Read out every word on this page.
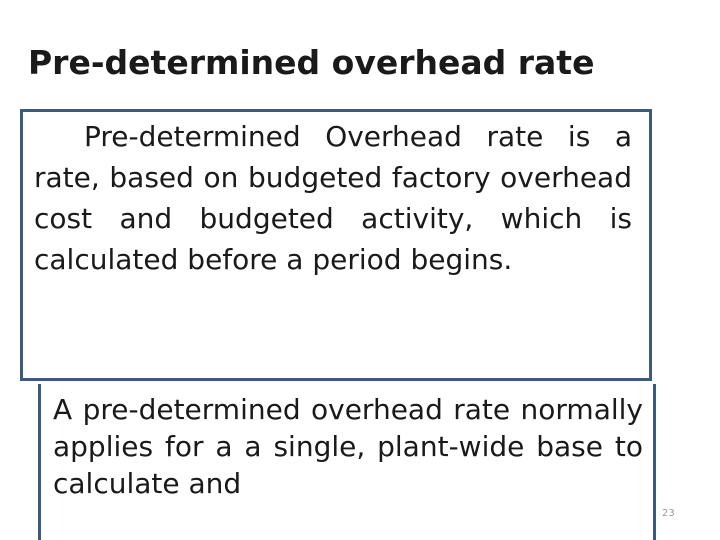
Pre-determined overhead rate
Pre-determined Overhead rate is a rate, based on budgeted factory overhead cost and budgeted activity, which is calculated before a period begins.
A pre-determined overhead rate normally applies for a a single, plant-wide base to calculate and
23
